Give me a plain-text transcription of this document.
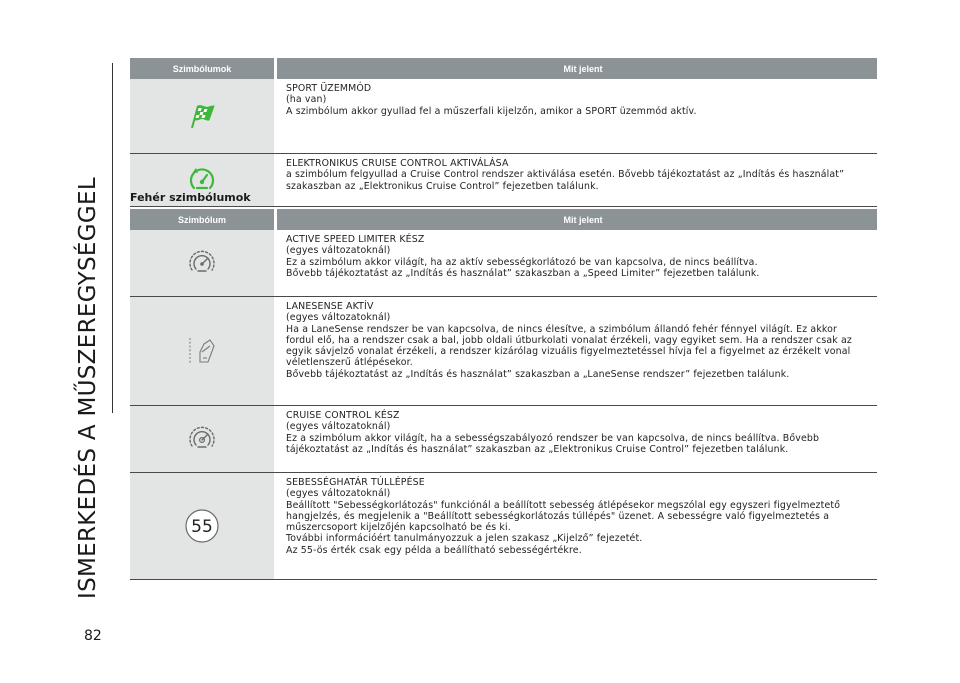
ISMERKEDÉS A MŰSZEREGYSÉGGEL
82
Szimbólumok	Mit jelent
SPORT ÜZEMMÓD
(ha van)
A szimbólum akkor gyullad fel a műszerfali kijelzőn, amikor a SPORT üzemmód aktív.
ELEKTRONIKUS CRUISE CONTROL AKTIVÁLÁSA
a szimbólum felgyullad a Cruise Control rendszer aktiválása esetén. Bővebb tájékoztatást az „Indítás és használat”
szakaszban az „Elektronikus Cruise Control” fejezetben találunk.
Fehér szimbólumok
Szimbólum	Mit jelent
ACTIVE SPEED LIMITER KÉSZ
(egyes változatoknál)
Ez a szimbólum akkor világít, ha az aktív sebességkorlátozó be van kapcsolva, de nincs beállítva.
Bővebb tájékoztatást az „Indítás és használat” szakaszban a „Speed Limiter” fejezetben találunk.
LANESENSE AKTÍV
(egyes változatoknál)
Ha a LaneSense rendszer be van kapcsolva, de nincs élesítve, a szimbólum állandó fehér fénnyel világít. Ez akkor
fordul elő, ha a rendszer csak a bal, jobb oldali útburkolati vonalat érzékeli, vagy egyiket sem. Ha a rendszer csak az
egyik sávjelző vonalat érzékeli, a rendszer kizárólag vizuális figyelmeztetéssel hívja fel a figyelmet az érzékelt vonal
véletlenszerű átlépésekor.
Bővebb tájékoztatást az „Indítás és használat” szakaszban a „LaneSense rendszer” fejezetben találunk.
CRUISE CONTROL KÉSZ
(egyes változatoknál)
Ez a szimbólum akkor világít, ha a sebességszabályozó rendszer be van kapcsolva, de nincs beállítva. Bővebb
tájékoztatást az „Indítás és használat” szakaszban az „Elektronikus Cruise Control” fejezetben találunk.
55
SEBESSÉGHATÁR TÚLLÉPÉSE
(egyes változatoknál)
Beállított "Sebességkorlátozás" funkciónál a beállított sebesség átlépésekor megszólal egy egyszeri figyelmeztető
hangjelzés, és megjelenik a "Beállított sebességkorlátozás túllépés" üzenet. A sebességre való figyelmeztetés a
műszercsoport kijelzőjén kapcsolható be és ki.
További információért tanulmányozzuk a jelen szakasz „Kijelző” fejezetét.
Az 55-ös érték csak egy példa a beállítható sebességértékre.
